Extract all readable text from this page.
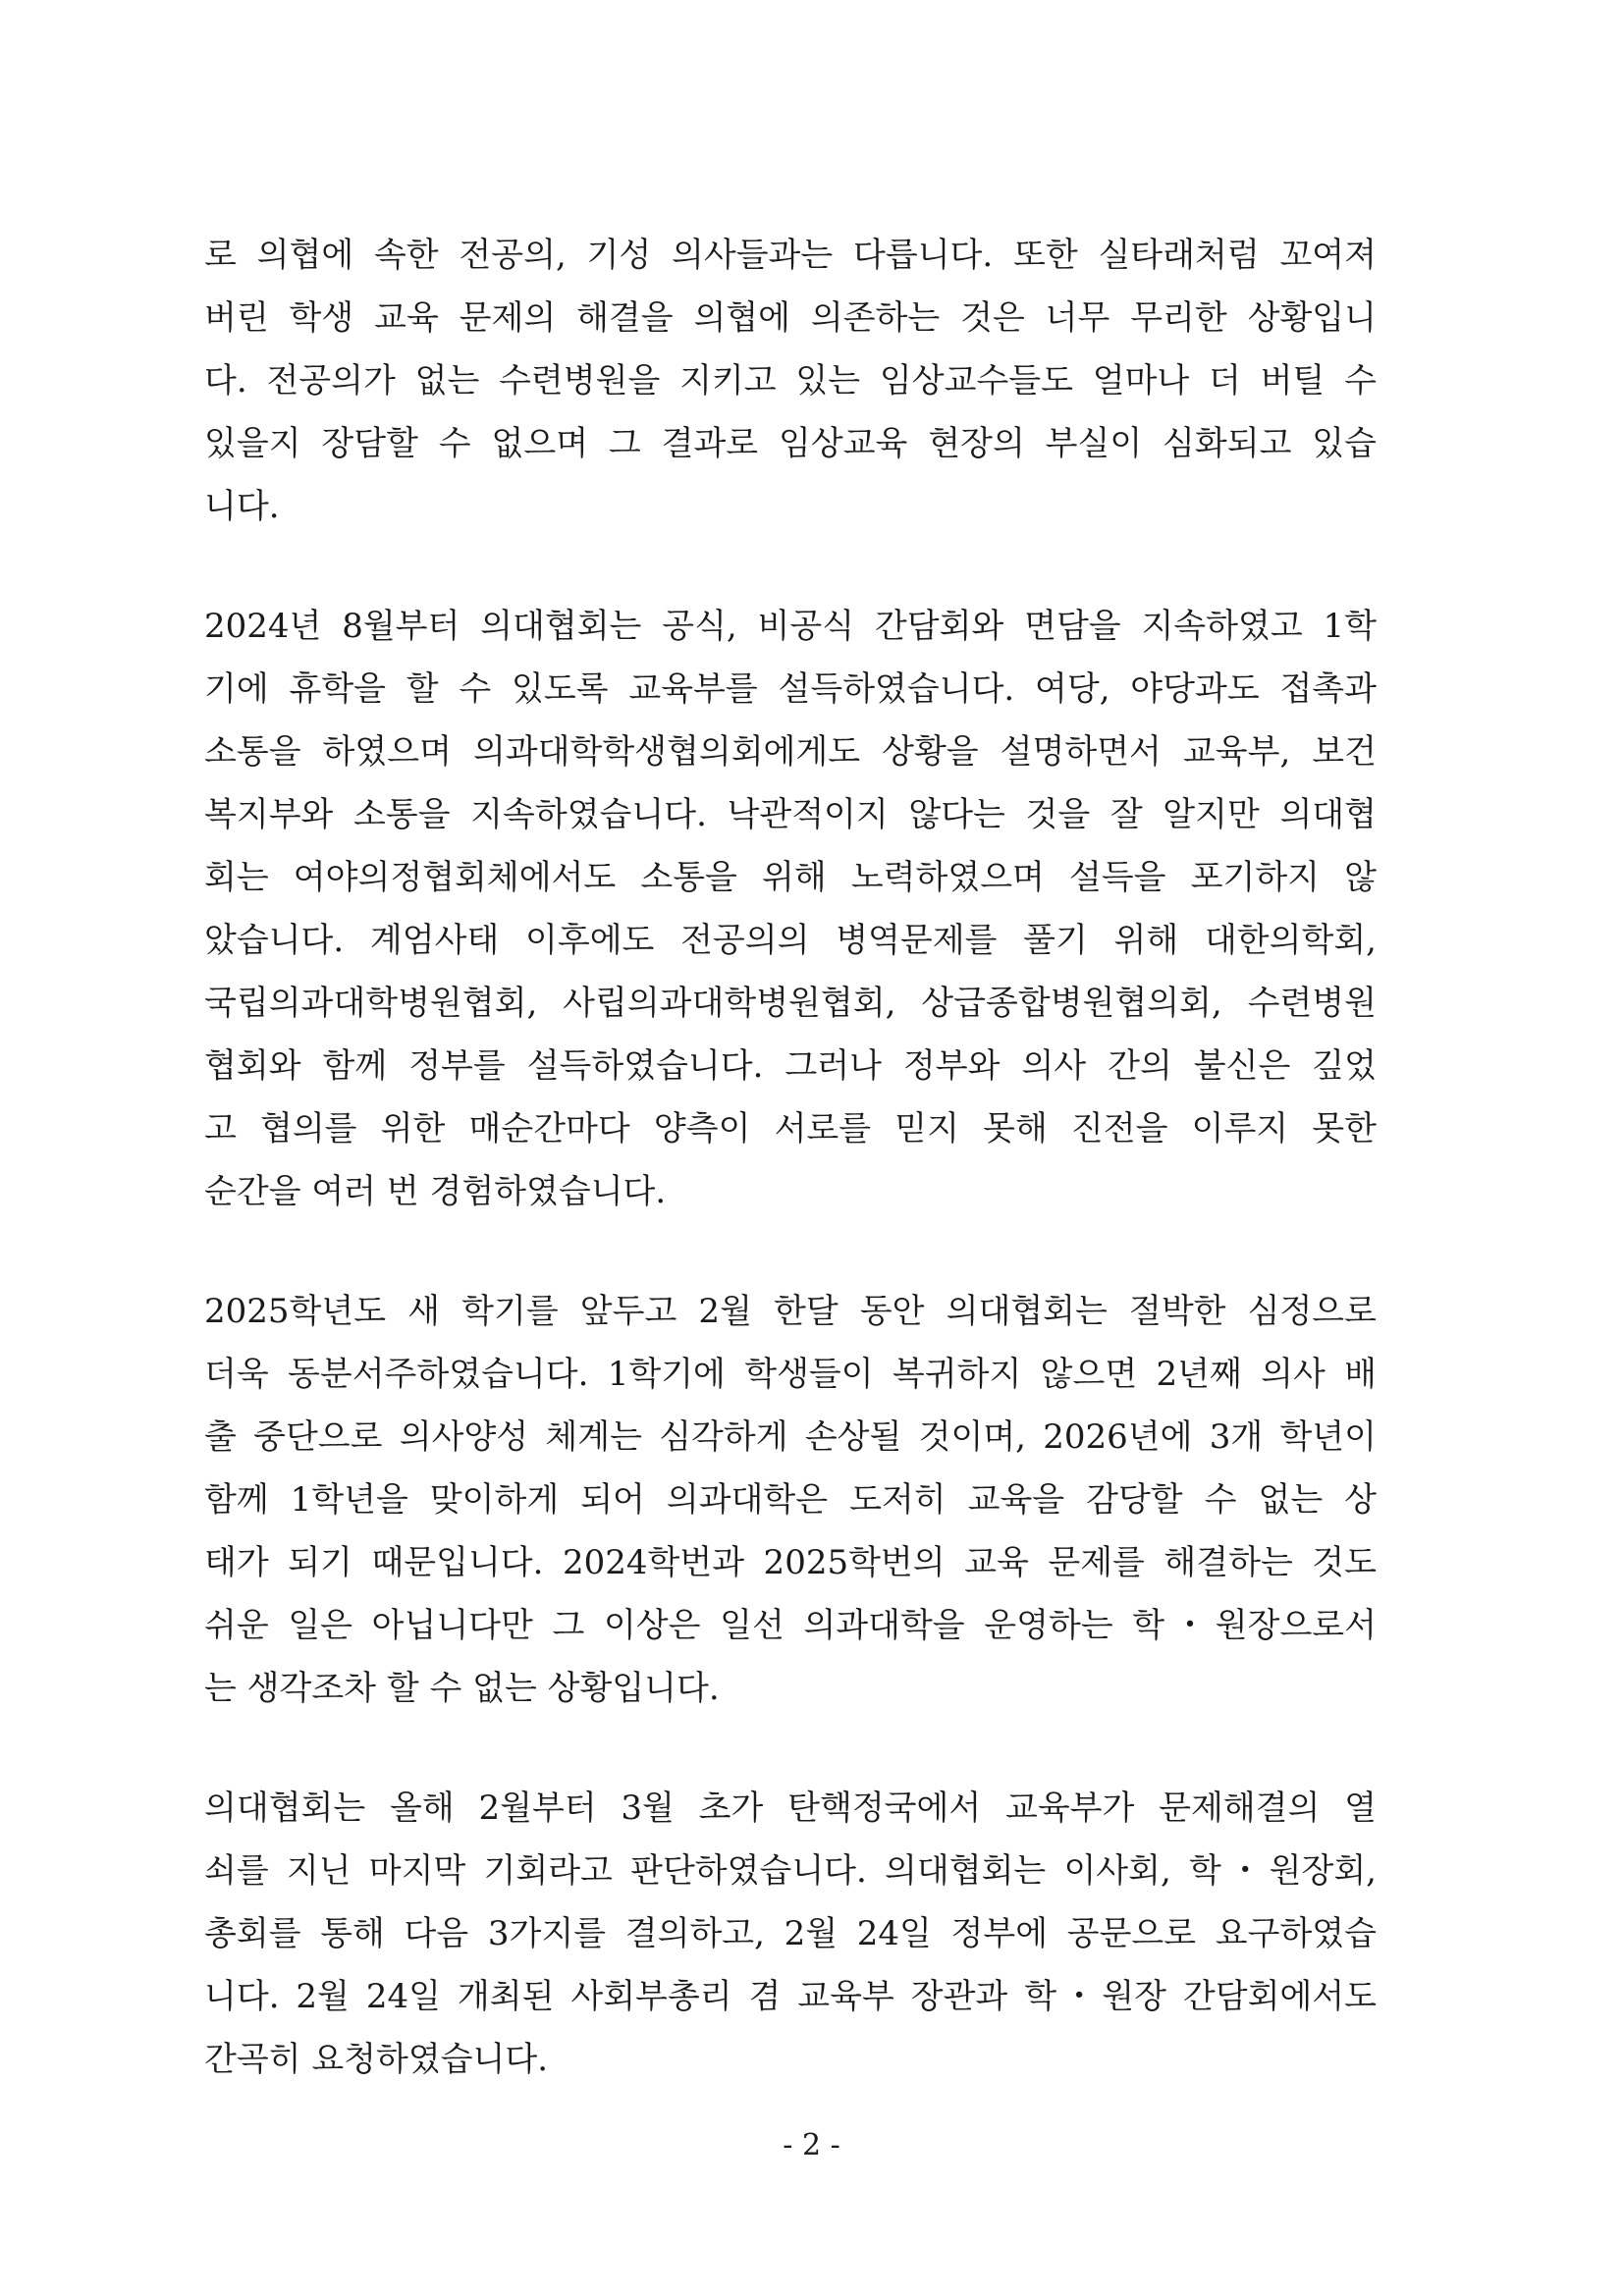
로 의협에 속한 전공의, 기성 의사들과는 다릅니다. 또한 실타래처럼 꼬여져
버린 학생 교육 문제의 해결을 의협에 의존하는 것은 너무 무리한 상황입니
다. 전공의가 없는 수련병원을 지키고 있는 임상교수들도 얼마나 더 버틸 수
있을지 장담할 수 없으며 그 결과로 임상교육 현장의 부실이 심화되고 있습
니다.

2024년 8월부터 의대협회는 공식, 비공식 간담회와 면담을 지속하였고 1학
기에 휴학을 할 수 있도록 교육부를 설득하였습니다. 여당, 야당과도 접촉과
소통을 하였으며 의과대학학생협의회에게도 상황을 설명하면서 교육부, 보건
복지부와 소통을 지속하였습니다. 낙관적이지 않다는 것을 잘 알지만 의대협
회는 여야의정협회체에서도 소통을 위해 노력하였으며 설득을 포기하지 않
았습니다. 계엄사태 이후에도 전공의의 병역문제를 풀기 위해 대한의학회,
국립의과대학병원협회, 사립의과대학병원협회, 상급종합병원협의회, 수련병원
협회와 함께 정부를 설득하였습니다. 그러나 정부와 의사 간의 불신은 깊었
고 협의를 위한 매순간마다 양측이 서로를 믿지 못해 진전을 이루지 못한
순간을 여러 번 경험하였습니다.

2025학년도 새 학기를 앞두고 2월 한달 동안 의대협회는 절박한 심정으로
더욱 동분서주하였습니다. 1학기에 학생들이 복귀하지 않으면 2년째 의사 배
출 중단으로 의사양성 체계는 심각하게 손상될 것이며, 2026년에 3개 학년이
함께 1학년을 맞이하게 되어 의과대학은 도저히 교육을 감당할 수 없는 상
태가 되기 때문입니다. 2024학번과 2025학번의 교육 문제를 해결하는 것도
쉬운 일은 아닙니다만 그 이상은 일선 의과대학을 운영하는 학・원장으로서
는 생각조차 할 수 없는 상황입니다.

의대협회는 올해 2월부터 3월 초가 탄핵정국에서 교육부가 문제해결의 열
쇠를 지닌 마지막 기회라고 판단하였습니다. 의대협회는 이사회, 학・원장회,
총회를 통해 다음 3가지를 결의하고, 2월 24일 정부에 공문으로 요구하였습
니다. 2월 24일 개최된 사회부총리 겸 교육부 장관과 학・원장 간담회에서도
간곡히 요청하였습니다.

- 2 -
